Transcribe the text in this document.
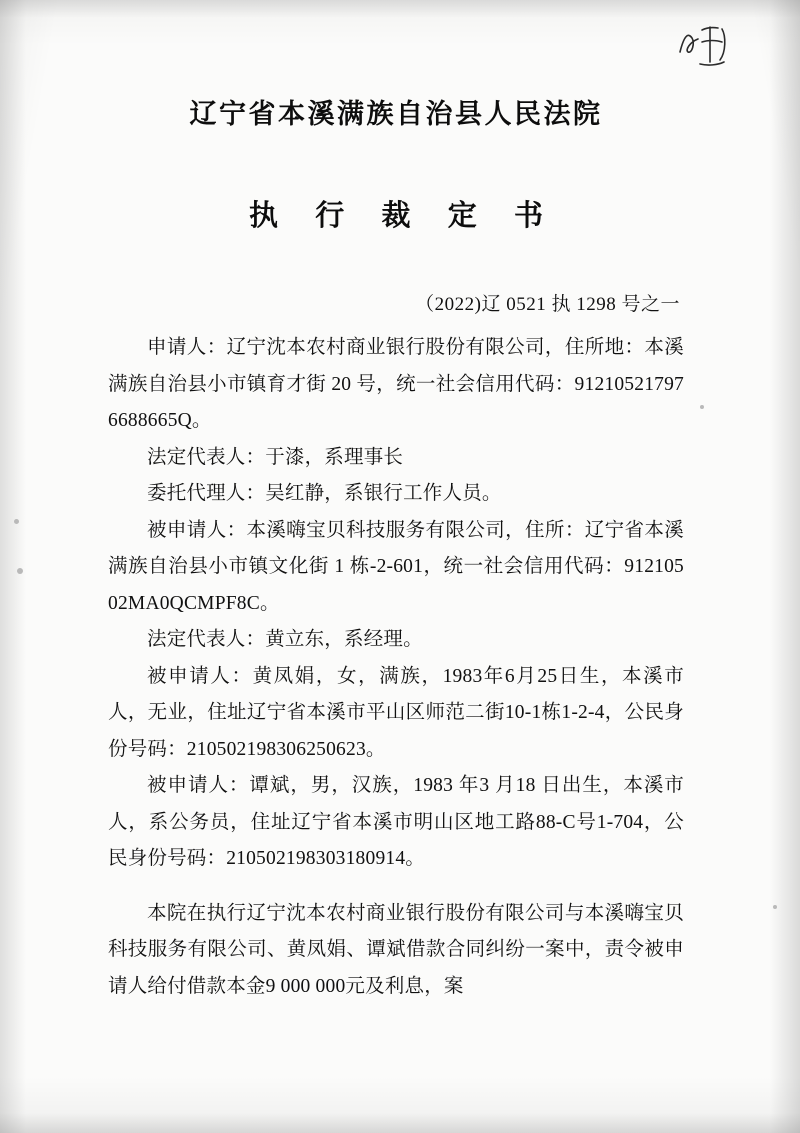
辽宁省本溪满族自治县人民法院
执 行 裁 定 书
（2022)辽 0521 执 1298 号之一

申请人：辽宁沈本农村商业银行股份有限公司，住所地：本溪满族自治县小市镇育才街 20 号，统一社会信用代码：91210521797 6688665Q。

法定代表人：于漆，系理事长

委托代理人：吴红静，系银行工作人员。

被申请人：本溪嗨宝贝科技服务有限公司，住所：辽宁省本溪满族自治县小市镇文化街 1 栋-2-601，统一社会信用代码：91210502MA0QCMPF8C。

法定代表人：黄立东，系经理。

被申请人：黄凤娟，女，满族，1983年6月25日生，本溪市人，无业，住址辽宁省本溪市平山区师范二街10-1栋1-2-4，公民身份号码：210502198306250623。

被申请人：谭斌，男，汉族，1983 年3 月18 日出生，本溪市人，系公务员，住址辽宁省本溪市明山区地工路88-C号1-704，公民身份号码：210502198303180914。

本院在执行辽宁沈本农村商业银行股份有限公司与本溪嗨宝贝科技服务有限公司、黄凤娟、谭斌借款合同纠纷一案中，责令被申请人给付借款本金9 000 000元及利息，案
